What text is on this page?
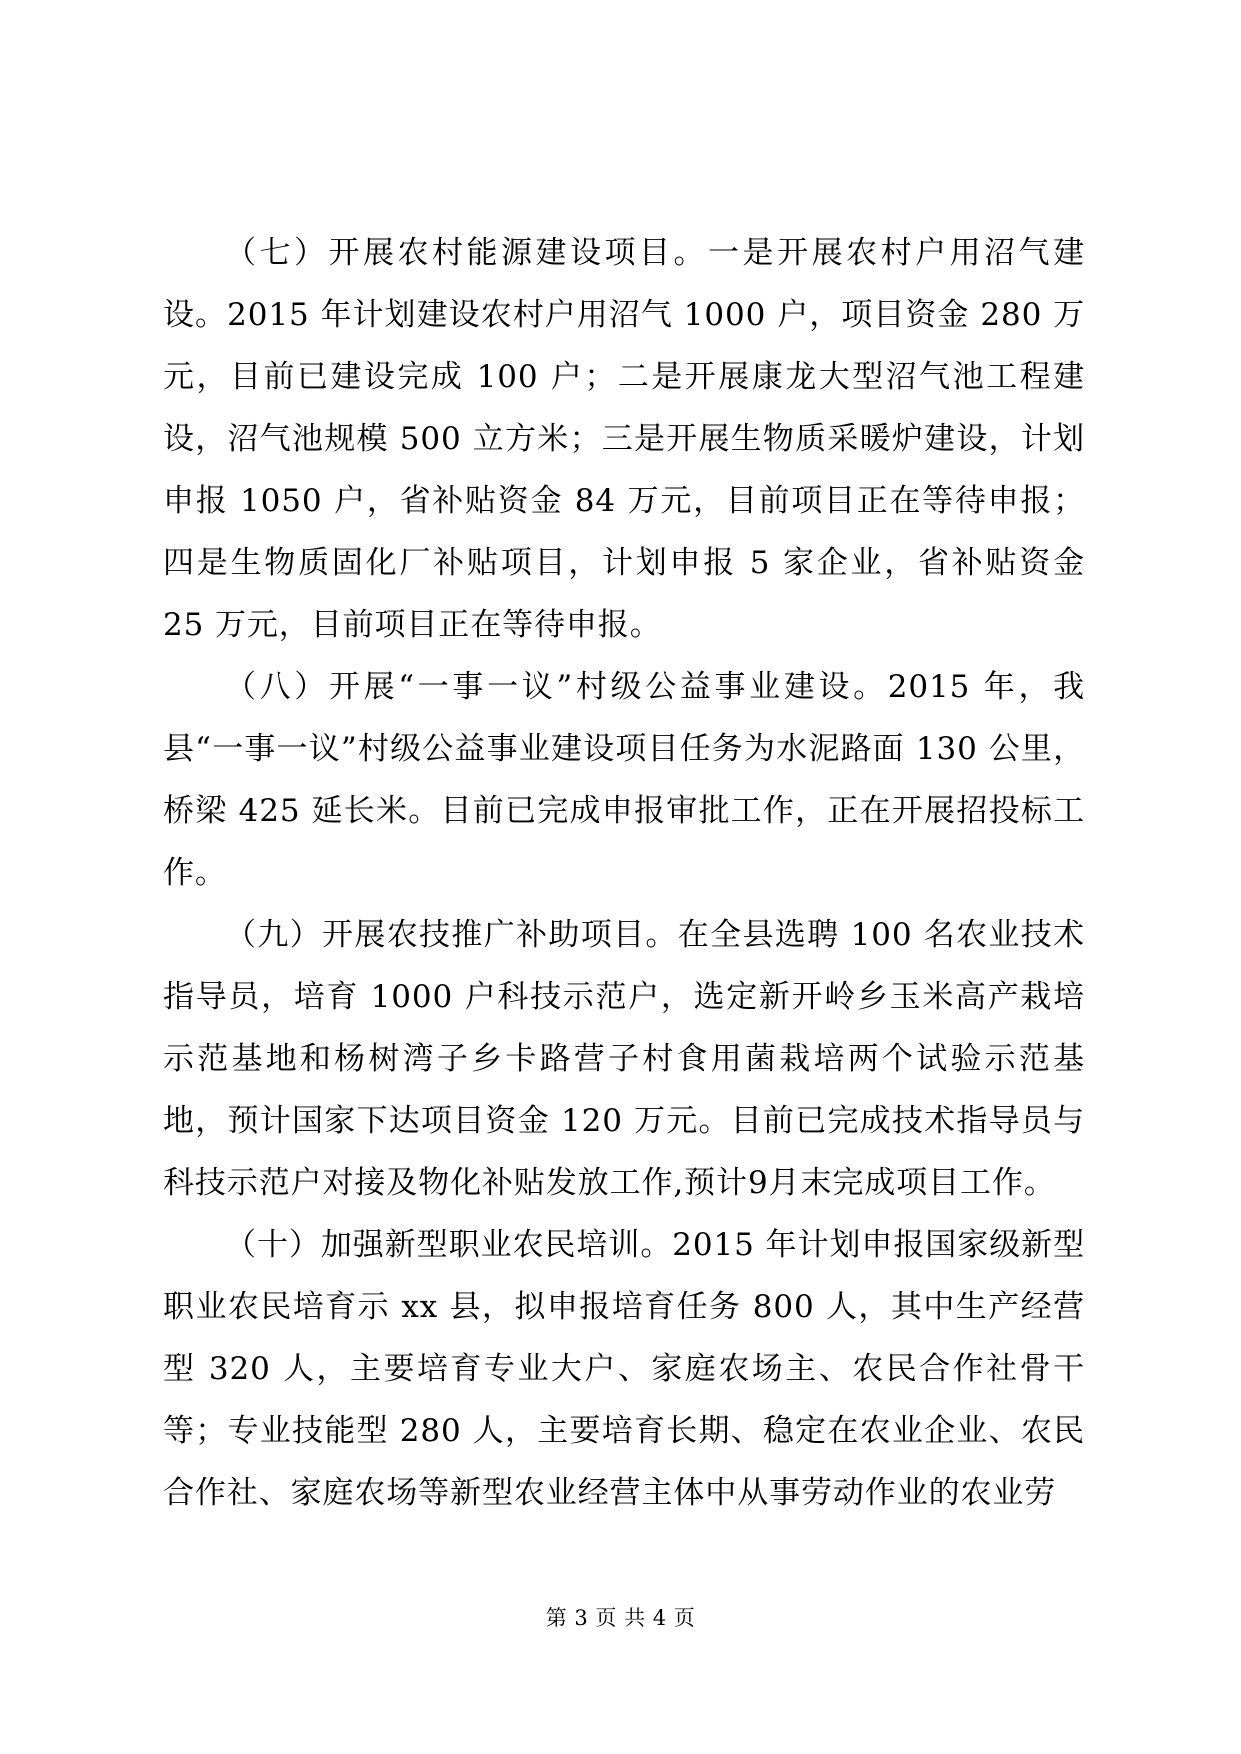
（七）开展农村能源建设项目。一是开展农村户用沼气建设。2015 年计划建设农村户用沼气 1000 户，项目资金 280 万元，目前已建设完成 100 户；二是开展康龙大型沼气池工程建设，沼气池规模 500 立方米；三是开展生物质采暖炉建设，计划申报 1050 户，省补贴资金 84 万元，目前项目正在等待申报；四是生物质固化厂补贴项目，计划申报 5 家企业，省补贴资金 25 万元，目前项目正在等待申报。

（八）开展“一事一议”村级公益事业建设。2015 年，我县“一事一议”村级公益事业建设项目任务为水泥路面 130 公里，桥梁 425 延长米。目前已完成申报审批工作，正在开展招投标工作。

（九）开展农技推广补助项目。在全县选聘 100 名农业技术指导员，培育 1000 户科技示范户，选定新开岭乡玉米高产栽培示范基地和杨树湾子乡卡路营子村食用菌栽培两个试验示范基地，预计国家下达项目资金 120 万元。目前已完成技术指导员与科技示范户对接及物化补贴发放工作,预计9月末完成项目工作。

（十）加强新型职业农民培训。2015 年计划申报国家级新型职业农民培育示 xx 县，拟申报培育任务 800 人，其中生产经营型 320 人，主要培育专业大户、家庭农场主、农民合作社骨干等；专业技能型 280 人，主要培育长期、稳定在农业企业、农民合作社、家庭农场等新型农业经营主体中从事劳动作业的农业劳

第 3 页 共 4 页
